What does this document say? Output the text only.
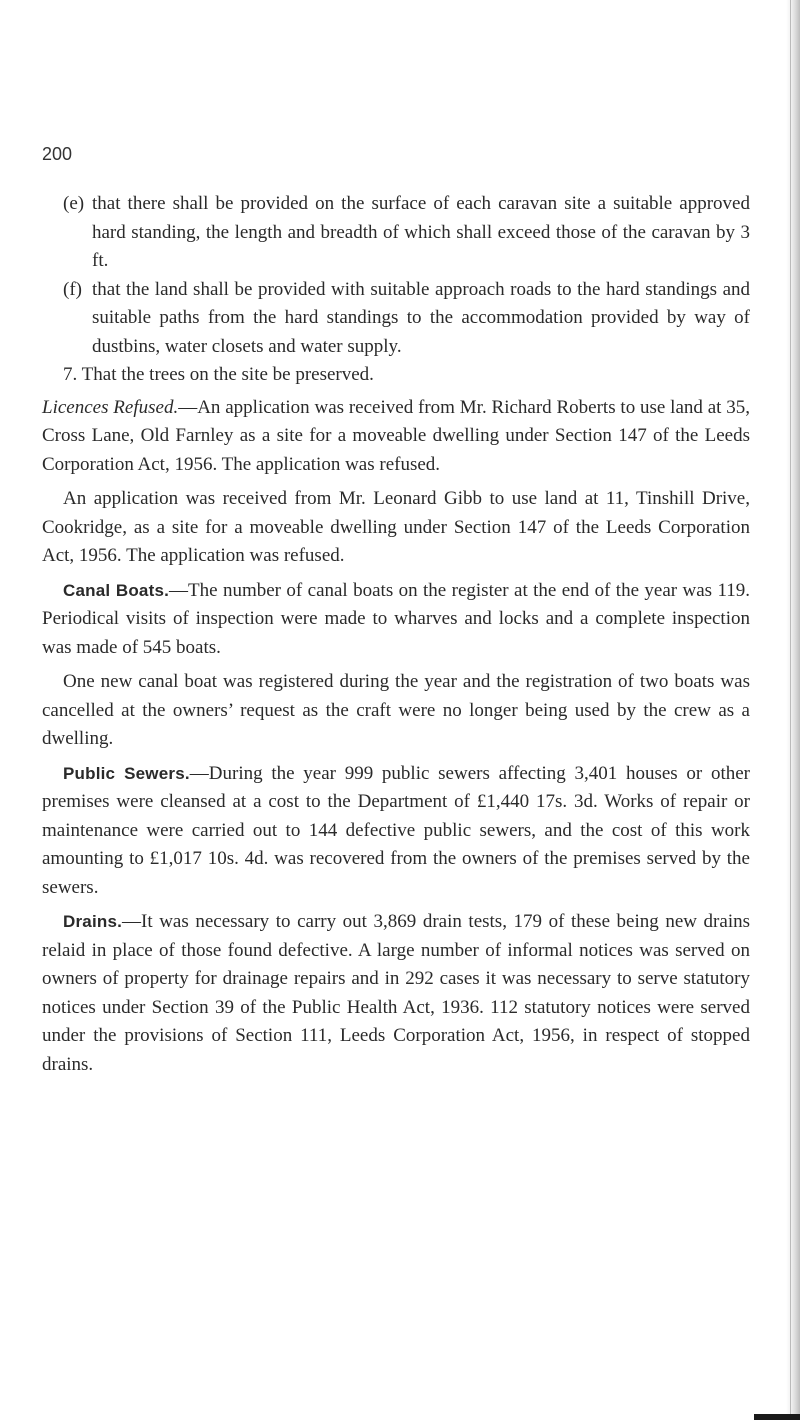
200

(e) that there shall be provided on the surface of each caravan site a suitable approved hard standing, the length and breadth of which shall exceed those of the caravan by 3 ft.

(f) that the land shall be provided with suitable approach roads to the hard standings and suitable paths from the hard standings to the accommodation provided by way of dustbins, water closets and water supply.

7. That the trees on the site be preserved.

Licences Refused.—An application was received from Mr. Richard Roberts to use land at 35, Cross Lane, Old Farnley as a site for a moveable dwelling under Section 147 of the Leeds Corporation Act, 1956. The application was refused.

An application was received from Mr. Leonard Gibb to use land at 11, Tinshill Drive, Cookridge, as a site for a moveable dwelling under Section 147 of the Leeds Corporation Act, 1956. The application was refused.

Canal Boats.—The number of canal boats on the register at the end of the year was 119. Periodical visits of inspection were made to wharves and locks and a complete inspection was made of 545 boats.

One new canal boat was registered during the year and the registration of two boats was cancelled at the owners’ request as the craft were no longer being used by the crew as a dwelling.

Public Sewers.—During the year 999 public sewers affecting 3,401 houses or other premises were cleansed at a cost to the Department of £1,440 17s. 3d. Works of repair or maintenance were carried out to 144 defective public sewers, and the cost of this work amounting to £1,017 10s. 4d. was recovered from the owners of the premises served by the sewers.

Drains.—It was necessary to carry out 3,869 drain tests, 179 of these being new drains relaid in place of those found defective. A large number of informal notices was served on owners of property for drainage repairs and in 292 cases it was necessary to serve statutory notices under Section 39 of the Public Health Act, 1936. 112 statutory notices were served under the provisions of Section 111, Leeds Corporation Act, 1956, in respect of stopped drains.
